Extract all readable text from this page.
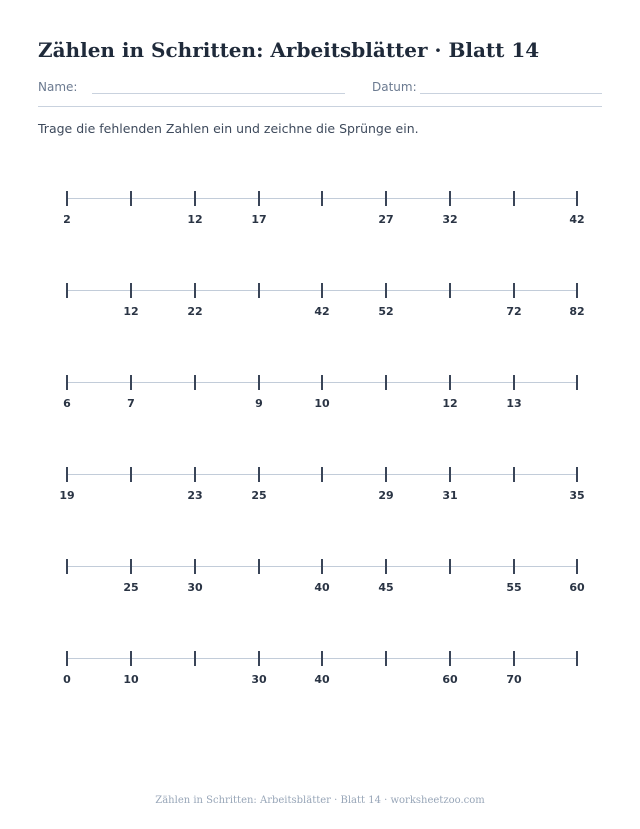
Zählen in Schritten: Arbeitsblätter · Blatt 14
Name:	Datum:
Trage die fehlenden Zahlen ein und zeichne die Sprünge ein.
2	12	17	27	32	42
12	22	42	52	72	82
6	7	9	10	12	13
19	23	25	29	31	35
25	30	40	45	55	60
0	10	30	40	60	70
Zählen in Schritten: Arbeitsblätter · Blatt 14 · worksheetzoo.com
